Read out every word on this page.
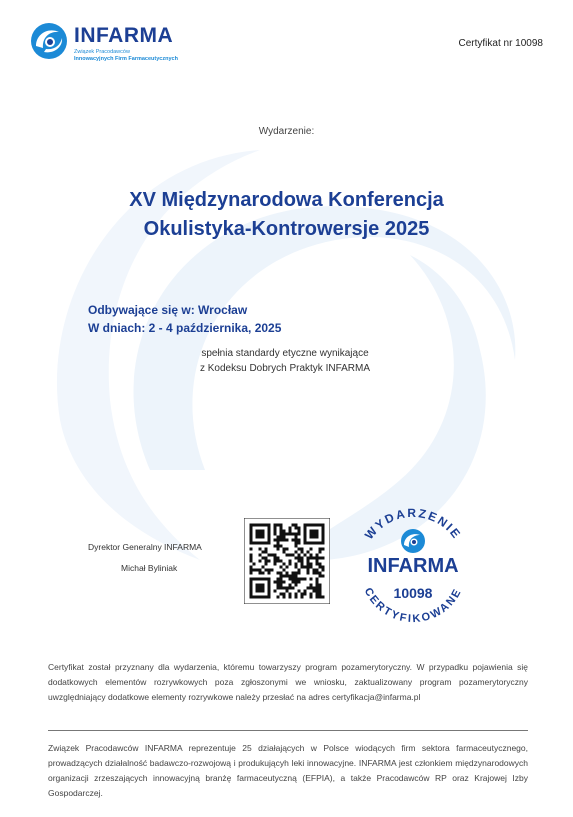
INFARMA
Związek Pracodawców
Innowacyjnych Firm Farmaceutycznych
Certyfikat nr 10098
Wydarzenie:
XV Międzynarodowa Konferencja
Okulistyka-Kontrowersje 2025
Odbywające się w: Wrocław
W dniach: 2 - 4 października, 2025
spełnia standardy etyczne wynikające
z Kodeksu Dobrych Praktyk INFARMA
Dyrektor Generalny INFARMA
Michał Byliniak
WYDARZENIE
CERTYFIKOWANE
INFARMA
10098
Certyfikat został przyznany dla wydarzenia, któremu towarzyszy program pozamerytoryczny. W przypadku pojawienia się dodatkowych elementów rozrywkowych poza zgłoszonymi we wniosku, zaktualizowany program pozamerytoryczny uwzględniający dodatkowe elementy rozrywkowe należy przesłać na adres certyfikacja@infarma.pl
Związek Pracodawców INFARMA reprezentuje 25 działających w Polsce wiodących firm sektora farmaceutycznego, prowadzących działalność badawczo-rozwojową i produkującyh leki innowacyjne. INFARMA jest członkiem międzynarodowych organizacji zrzeszających innowacyjną branżę farmaceutyczną (EFPIA), a także Pracodawców RP oraz Krajowej Izby Gospodarczej.
